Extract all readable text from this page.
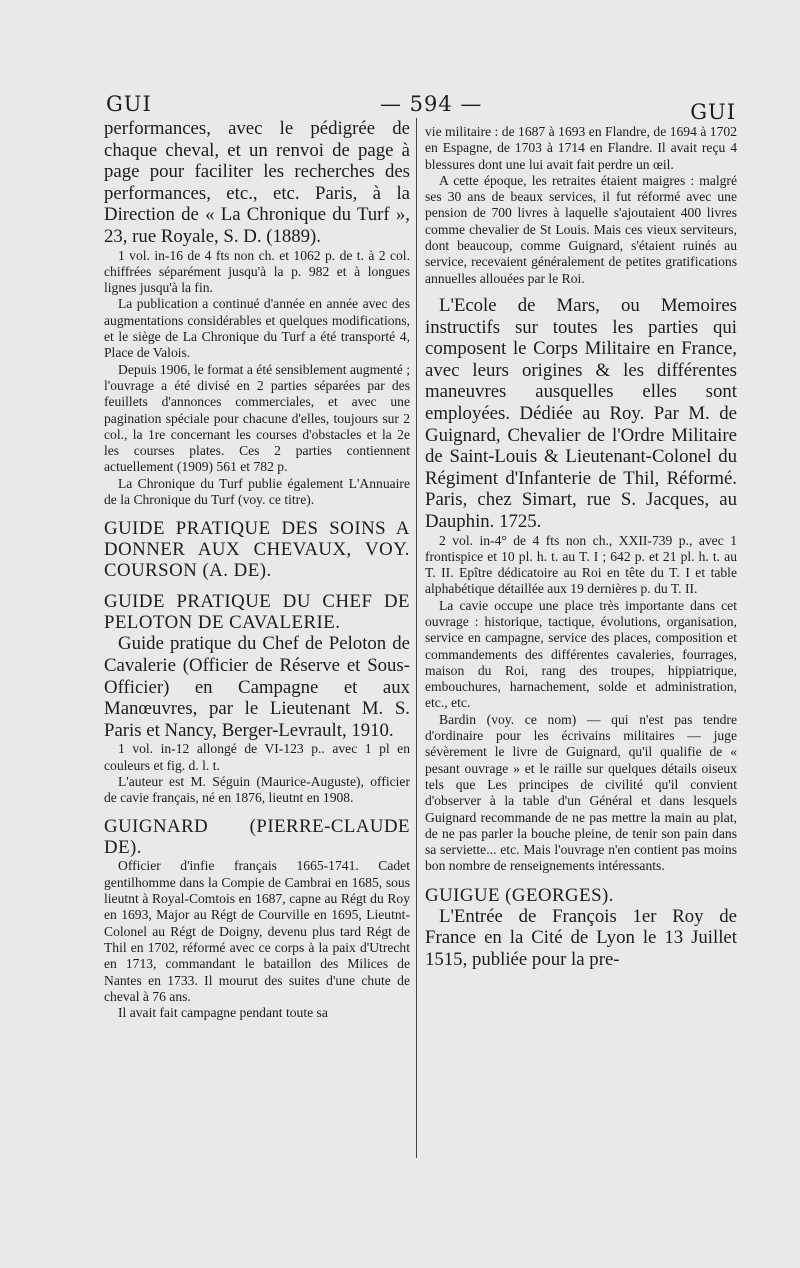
GUI	— 594 —	GUI

performances, avec le pédigrée de chaque cheval, et un renvoi de page à page pour faciliter les recherches des performances, etc., etc. Paris, à la Direction de « La Chronique du Turf », 23, rue Royale, S. D. (1889).

1 vol. in-16 de 4 fts non ch. et 1062 p. de t. à 2 col. chiffrées séparément jusqu'à la p. 982 et à longues lignes jusqu'à la fin.

La publication a continué d'année en année avec des augmentations considérables et quelques modifications, et le siège de La Chronique du Turf a été transporté 4, Place de Valois.

Depuis 1906, le format a été sensiblement augmenté ; l'ouvrage a été divisé en 2 parties séparées par des feuillets d'annonces commerciales, et avec une pagination spéciale pour chacune d'elles, toujours sur 2 col., la 1re concernant les courses d'obstacles et la 2e les courses plates. Ces 2 parties contiennent actuellement (1909) 561 et 782 p.

La Chronique du Turf publie également L'Annuaire de la Chronique du Turf (voy. ce titre).

GUIDE PRATIQUE DES SOINS A DONNER AUX CHEVAUX, VOY. COURSON (A. DE).

GUIDE PRATIQUE DU CHEF DE PELOTON DE CAVALERIE.

Guide pratique du Chef de Peloton de Cavalerie (Officier de Réserve et Sous-Officier) en Campagne et aux Manœuvres, par le Lieutenant M. S. Paris et Nancy, Berger-Levrault, 1910.

1 vol. in-12 allongé de VI-123 p.. avec 1 pl en couleurs et fig. d. l. t.

L'auteur est M. Séguin (Maurice-Auguste), officier de cavie français, né en 1876, lieutnt en 1908.

GUIGNARD (PIERRE-CLAUDE DE).

Officier d'infie français 1665-1741. Cadet gentilhomme dans la Compie de Cambrai en 1685, sous lieutnt à Royal-Comtois en 1687, capne au Régt du Roy en 1693, Major au Régt de Courville en 1695, Lieutnt-Colonel au Régt de Doigny, devenu plus tard Régt de Thil en 1702, réformé avec ce corps à la paix d'Utrecht en 1713, commandant le bataillon des Milices de Nantes en 1733. Il mourut des suites d'une chute de cheval à 76 ans.

Il avait fait campagne pendant toute sa

vie militaire : de 1687 à 1693 en Flandre, de 1694 à 1702 en Espagne, de 1703 à 1714 en Flandre. Il avait reçu 4 blessures dont une lui avait fait perdre un œil.

A cette époque, les retraites étaient maigres : malgré ses 30 ans de beaux services, il fut réformé avec une pension de 700 livres à laquelle s'ajoutaient 400 livres comme chevalier de St Louis. Mais ces vieux serviteurs, dont beaucoup, comme Guignard, s'étaient ruinés au service, recevaient généralement de petites gratifications annuelles allouées par le Roi.

L'Ecole de Mars, ou Memoires instructifs sur toutes les parties qui composent le Corps Militaire en France, avec leurs origines & les différentes maneuvres ausquelles elles sont employées. Dédiée au Roy. Par M. de Guignard, Chevalier de l'Ordre Militaire de Saint-Louis & Lieutenant-Colonel du Régiment d'Infanterie de Thil, Réformé. Paris, chez Simart, rue S. Jacques, au Dauphin. 1725.

2 vol. in-4° de 4 fts non ch., XXII-739 p., avec 1 frontispice et 10 pl. h. t. au T. I ; 642 p. et 21 pl. h. t. au T. II. Epître dédicatoire au Roi en tête du T. I et table alphabétique détaillée aux 19 dernières p. du T. II.

La cavie occupe une place très importante dans cet ouvrage : historique, tactique, évolutions, organisation, service en campagne, service des places, composition et commandements des différentes cavaleries, fourrages, maison du Roi, rang des troupes, hippiatrique, embouchures, harnachement, solde et administration, etc., etc.

Bardin (voy. ce nom) — qui n'est pas tendre d'ordinaire pour les écrivains militaires — juge sévèrement le livre de Guignard, qu'il qualifie de « pesant ouvrage » et le raille sur quelques détails oiseux tels que Les principes de civilité qu'il convient d'observer à la table d'un Général et dans lesquels Guignard recommande de ne pas mettre la main au plat, de ne pas parler la bouche pleine, de tenir son pain dans sa serviette... etc. Mais l'ouvrage n'en contient pas moins bon nombre de renseignements intéressants.

GUIGUE (GEORGES).

L'Entrée de François 1er Roy de France en la Cité de Lyon le 13 Juillet 1515, publiée pour la pre-
